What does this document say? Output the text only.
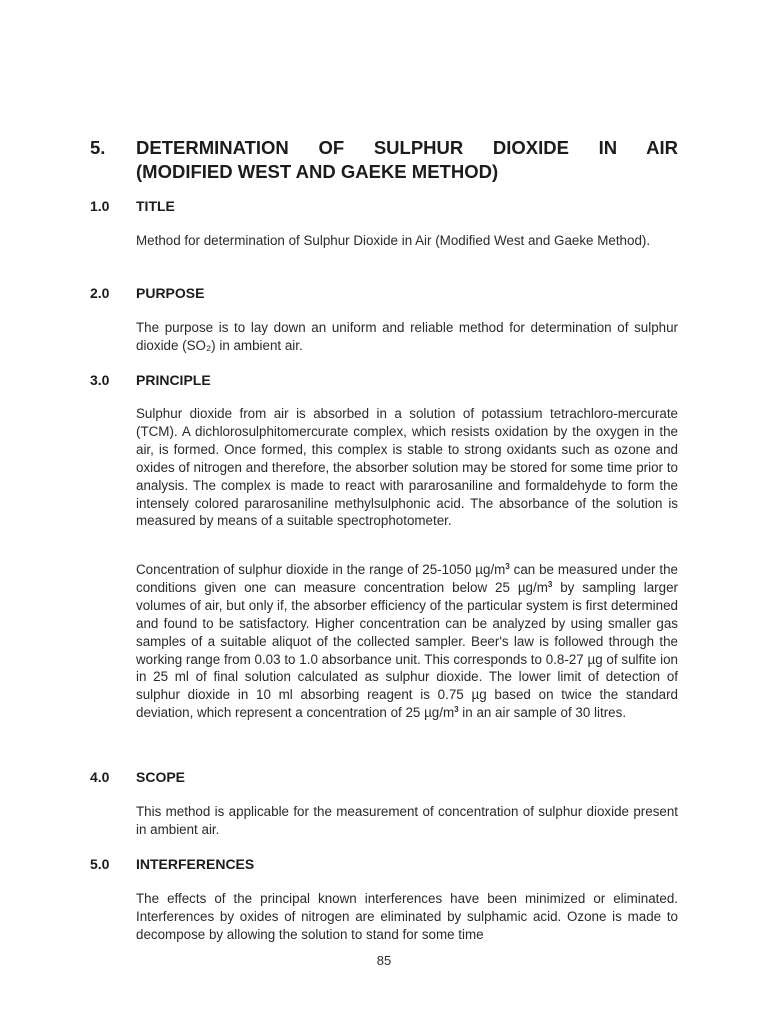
5. DETERMINATION OF SULPHUR DIOXIDE IN AIR
(MODIFIED WEST AND GAEKE METHOD)
1.0 TITLE
Method for determination of Sulphur Dioxide in Air (Modified West and Gaeke Method).
2.0 PURPOSE
The purpose is to lay down an uniform and reliable method for determination of sulphur dioxide (SO₂) in ambient air.
3.0 PRINCIPLE
Sulphur dioxide from air is absorbed in a solution of potassium tetrachloro-mercurate (TCM). A dichlorosulphitomercurate complex, which resists oxidation by the oxygen in the air, is formed. Once formed, this complex is stable to strong oxidants such as ozone and oxides of nitrogen and therefore, the absorber solution may be stored for some time prior to analysis. The complex is made to react with pararosaniline and formaldehyde to form the intensely colored pararosaniline methylsulphonic acid. The absorbance of the solution is measured by means of a suitable spectrophotometer.
Concentration of sulphur dioxide in the range of 25-1050 $\mu g/m^3$ can be measured under the conditions given one can measure concentration below 25 $\mu g/m^3$ by sampling larger volumes of air, but only if, the absorber efficiency of the particular system is first determined and found to be satisfactory. Higher concentration can be analyzed by using smaller gas samples of a suitable aliquot of the collected sampler. Beer's law is followed through the working range from 0.03 to 1.0 absorbance unit. This corresponds to 0.8-27 µg of sulfite ion in 25 ml of final solution calculated as sulphur dioxide. The lower limit of detection of sulphur dioxide in 10 ml absorbing reagent is 0.75 µg based on twice the standard deviation, which represent a concentration of 25 $\mu g/m^3$ in an air sample of 30 litres.
4.0 SCOPE
This method is applicable for the measurement of concentration of sulphur dioxide present in ambient air.
5.0 INTERFERENCES
The effects of the principal known interferences have been minimized or eliminated. Interferences by oxides of nitrogen are eliminated by sulphamic acid. Ozone is made to decompose by allowing the solution to stand for some time
85
